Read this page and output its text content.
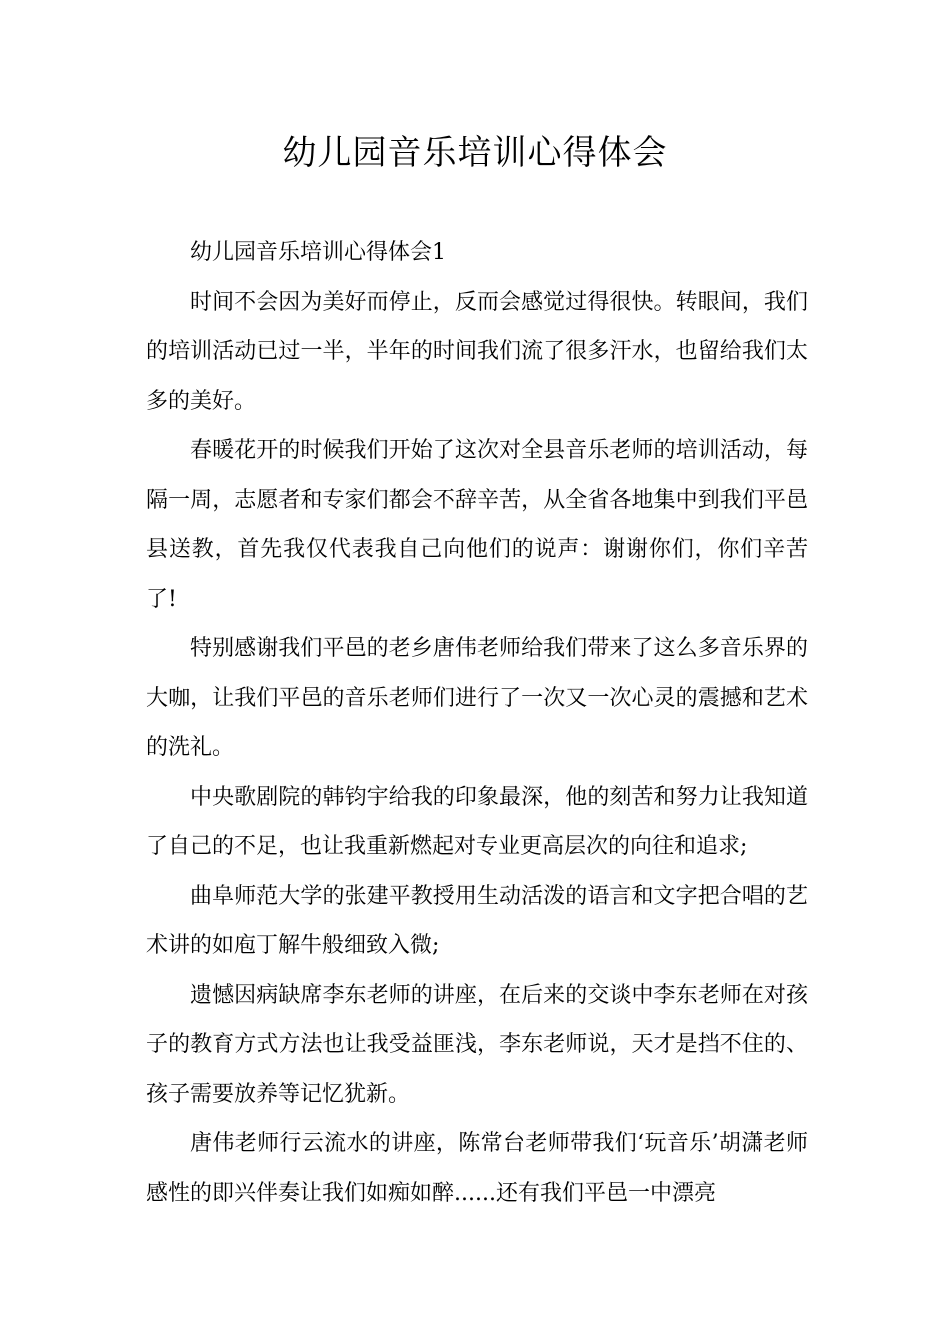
幼儿园音乐培训心得体会

幼儿园音乐培训心得体会1

时间不会因为美好而停止，反而会感觉过得很快。转眼间，我们的培训活动已过一半，半年的时间我们流了很多汗水，也留给我们太多的美好。

春暖花开的时候我们开始了这次对全县音乐老师的培训活动，每隔一周，志愿者和专家们都会不辞辛苦，从全省各地集中到我们平邑县送教，首先我仅代表我自己向他们的说声：谢谢你们，你们辛苦了!

特别感谢我们平邑的老乡唐伟老师给我们带来了这么多音乐界的大咖，让我们平邑的音乐老师们进行了一次又一次心灵的震撼和艺术的洗礼。

中央歌剧院的韩钧宇给我的印象最深，他的刻苦和努力让我知道了自己的不足，也让我重新燃起对专业更高层次的向往和追求;

曲阜师范大学的张建平教授用生动活泼的语言和文字把合唱的艺术讲的如庖丁解牛般细致入微;

遗憾因病缺席李东老师的讲座，在后来的交谈中李东老师在对孩子的教育方式方法也让我受益匪浅，李东老师说，天才是挡不住的、孩子需要放养等记忆犹新。

唐伟老师行云流水的讲座，陈常台老师带我们‘玩音乐’胡潇老师感性的即兴伴奏让我们如痴如醉......还有我们平邑一中漂亮
